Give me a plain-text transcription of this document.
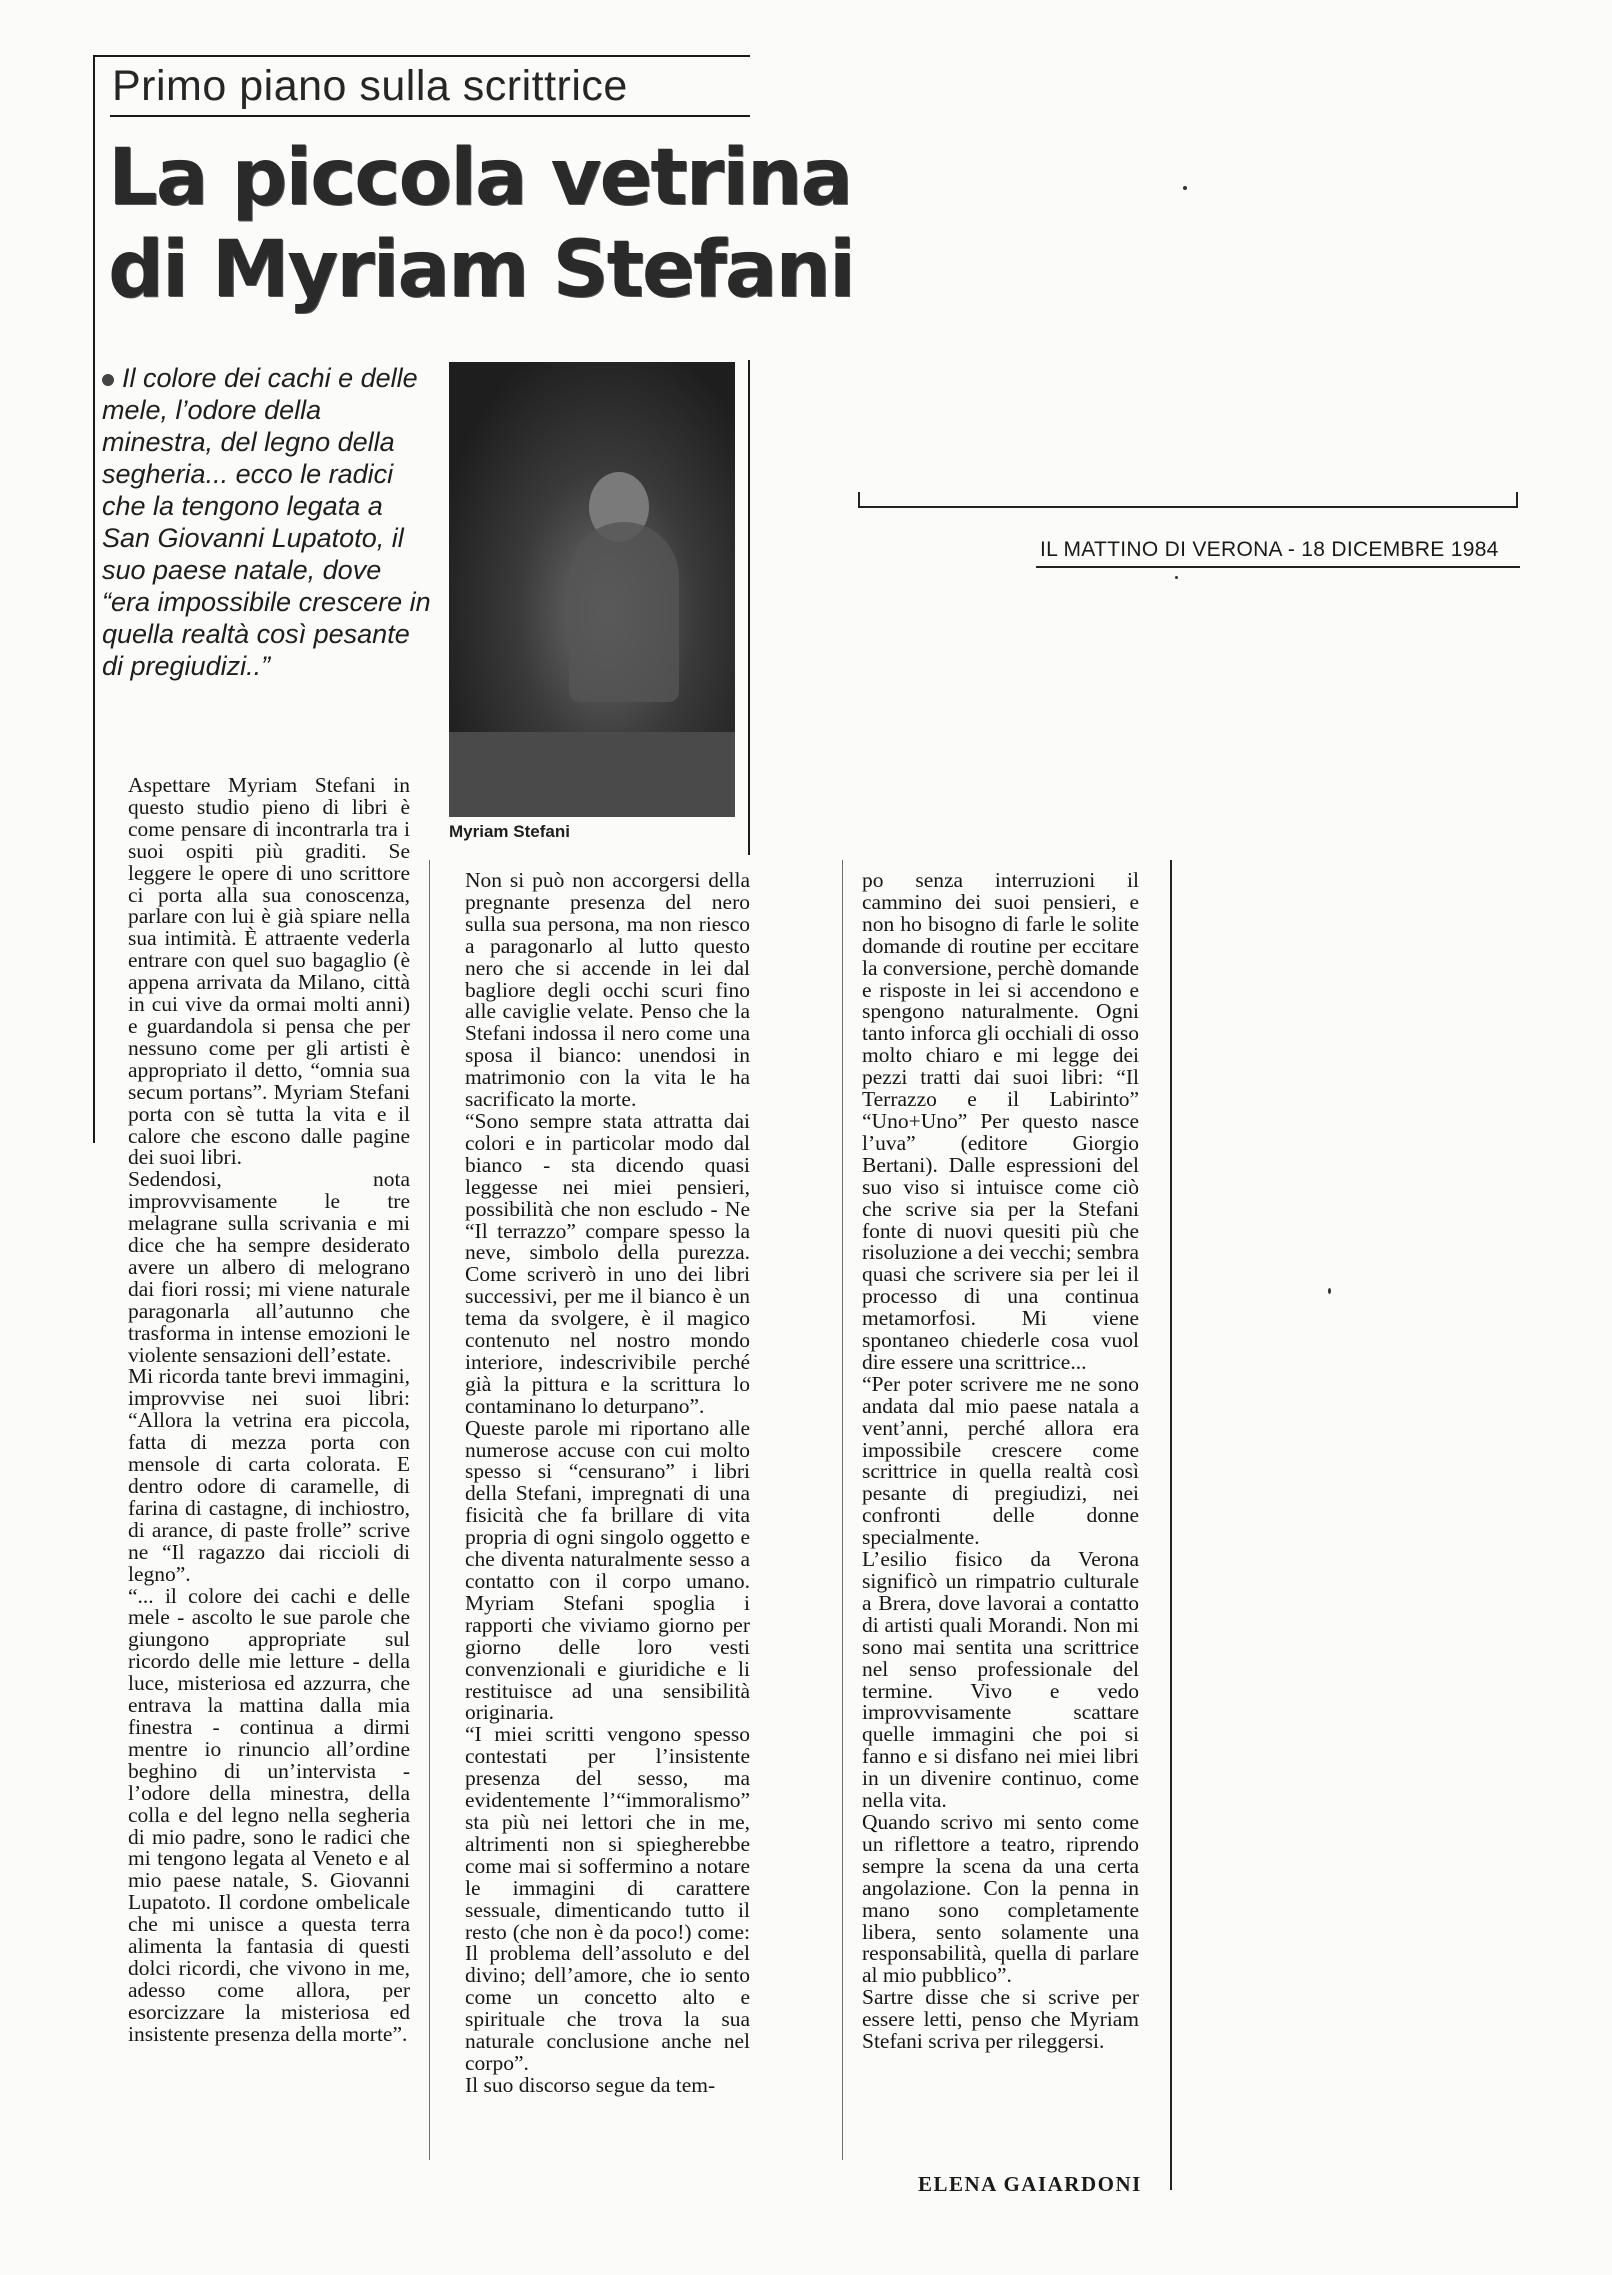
Primo piano sulla scrittrice
La piccola vetrina
di Myriam Stefani
Il colore dei cachi e delle mele, l’odore della minestra, del legno della segheria... ecco le radici che la tengono legata a San Giovanni Lupatoto, il suo paese natale, dove “era impossibile crescere in quella realtà così pesante di pregiudizi..”
Myriam Stefani
Aspettare Myriam Stefani in questo studio pieno di libri è come pensare di incontrarla tra i suoi ospiti più graditi. Se leggere le opere di uno scrittore ci porta alla sua conoscenza, parlare con lui è già spiare nella sua intimità. È attraente vederla entrare con quel suo bagaglio (è appena arrivata da Milano, città in cui vive da ormai molti anni) e guardandola si pensa che per nessuno come per gli artisti è appropriato il detto, “omnia sua secum portans”. Myriam Stefani porta con sè tutta la vita e il calore che escono dalle pagine dei suoi libri.
Sedendosi, nota improvvisamente le tre melagrane sulla scrivania e mi dice che ha sempre desiderato avere un albero di melograno dai fiori rossi; mi viene naturale paragonarla all’autunno che trasforma in intense emozioni le violente sensazioni dell’estate.
Mi ricorda tante brevi immagini, improvvise nei suoi libri: “Allora la vetrina era piccola, fatta di mezza porta con mensole di carta colorata. E dentro odore di caramelle, di farina di castagne, di inchiostro, di arance, di paste frolle” scrive ne “Il ragazzo dai riccioli di legno”.
“... il colore dei cachi e delle mele - ascolto le sue parole che giungono appropriate sul ricordo delle mie letture - della luce, misteriosa ed azzurra, che entrava la mattina dalla mia finestra - continua a dirmi mentre io rinuncio all’ordine beghino di un’intervista - l’odore della minestra, della colla e del legno nella segheria di mio padre, sono le radici che mi tengono legata al Veneto e al mio paese natale, S. Giovanni Lupatoto. Il cordone ombelicale che mi unisce a questa terra alimenta la fantasia di questi dolci ricordi, che vivono in me, adesso come allora, per esorcizzare la misteriosa ed insistente presenza della morte”.
Non si può non accorgersi della pregnante presenza del nero sulla sua persona, ma non riesco a paragonarlo al lutto questo nero che si accende in lei dal bagliore degli occhi scuri fino alle caviglie velate. Penso che la Stefani indossa il nero come una sposa il bianco: unendosi in matrimonio con la vita le ha sacrificato la morte.
“Sono sempre stata attratta dai colori e in particolar modo dal bianco - sta dicendo quasi leggesse nei miei pensieri, possibilità che non escludo - Ne “Il terrazzo” compare spesso la neve, simbolo della purezza. Come scriverò in uno dei libri successivi, per me il bianco è un tema da svolgere, è il magico contenuto nel nostro mondo interiore, indescrivibile perché già la pittura e la scrittura lo contaminano lo deturpano”.
Queste parole mi riportano alle numerose accuse con cui molto spesso si “censurano” i libri della Stefani, impregnati di una fisicità che fa brillare di vita propria di ogni singolo oggetto e che diventa naturalmente sesso a contatto con il corpo umano. Myriam Stefani spoglia i rapporti che viviamo giorno per giorno delle loro vesti convenzionali e giuridiche e li restituisce ad una sensibilità originaria.
“I miei scritti vengono spesso contestati per l’insistente presenza del sesso, ma evidentemente l’“immoralismo” sta più nei lettori che in me, altrimenti non si spiegherebbe come mai si soffermino a notare le immagini di carattere sessuale, dimenticando tutto il resto (che non è da poco!) come: Il problema dell’assoluto e del divino; dell’amore, che io sento come un concetto alto e spirituale che trova la sua naturale conclusione anche nel corpo”.
Il suo discorso segue da tem-
po senza interruzioni il cammino dei suoi pensieri, e non ho bisogno di farle le solite domande di routine per eccitare la conversione, perchè domande e risposte in lei si accendono e spengono naturalmente. Ogni tanto inforca gli occhiali di osso molto chiaro e mi legge dei pezzi tratti dai suoi libri: “Il Terrazzo e il Labirinto” “Uno+Uno” Per questo nasce l’uva” (editore Giorgio Bertani). Dalle espressioni del suo viso si intuisce come ciò che scrive sia per la Stefani fonte di nuovi quesiti più che risoluzione a dei vecchi; sembra quasi che scrivere sia per lei il processo di una continua metamorfosi. Mi viene spontaneo chiederle cosa vuol dire essere una scrittrice...
“Per poter scrivere me ne sono andata dal mio paese natala a vent’anni, perché allora era impossibile crescere come scrittrice in quella realtà così pesante di pregiudizi, nei confronti delle donne specialmente.
L’esilio fisico da Verona significò un rimpatrio culturale a Brera, dove lavorai a contatto di artisti quali Morandi. Non mi sono mai sentita una scrittrice nel senso professionale del termine. Vivo e vedo improvvisamente scattare quelle immagini che poi si fanno e si disfano nei miei libri in un divenire continuo, come nella vita.
Quando scrivo mi sento come un riflettore a teatro, riprendo sempre la scena da una certa angolazione. Con la penna in mano sono completamente libera, sento solamente una responsabilità, quella di parlare al mio pubblico”.
Sartre disse che si scrive per essere letti, penso che Myriam Stefani scriva per rileggersi.
ELENA GAIARDONI
IL MATTINO DI VERONA - 18 DICEMBRE 1984
